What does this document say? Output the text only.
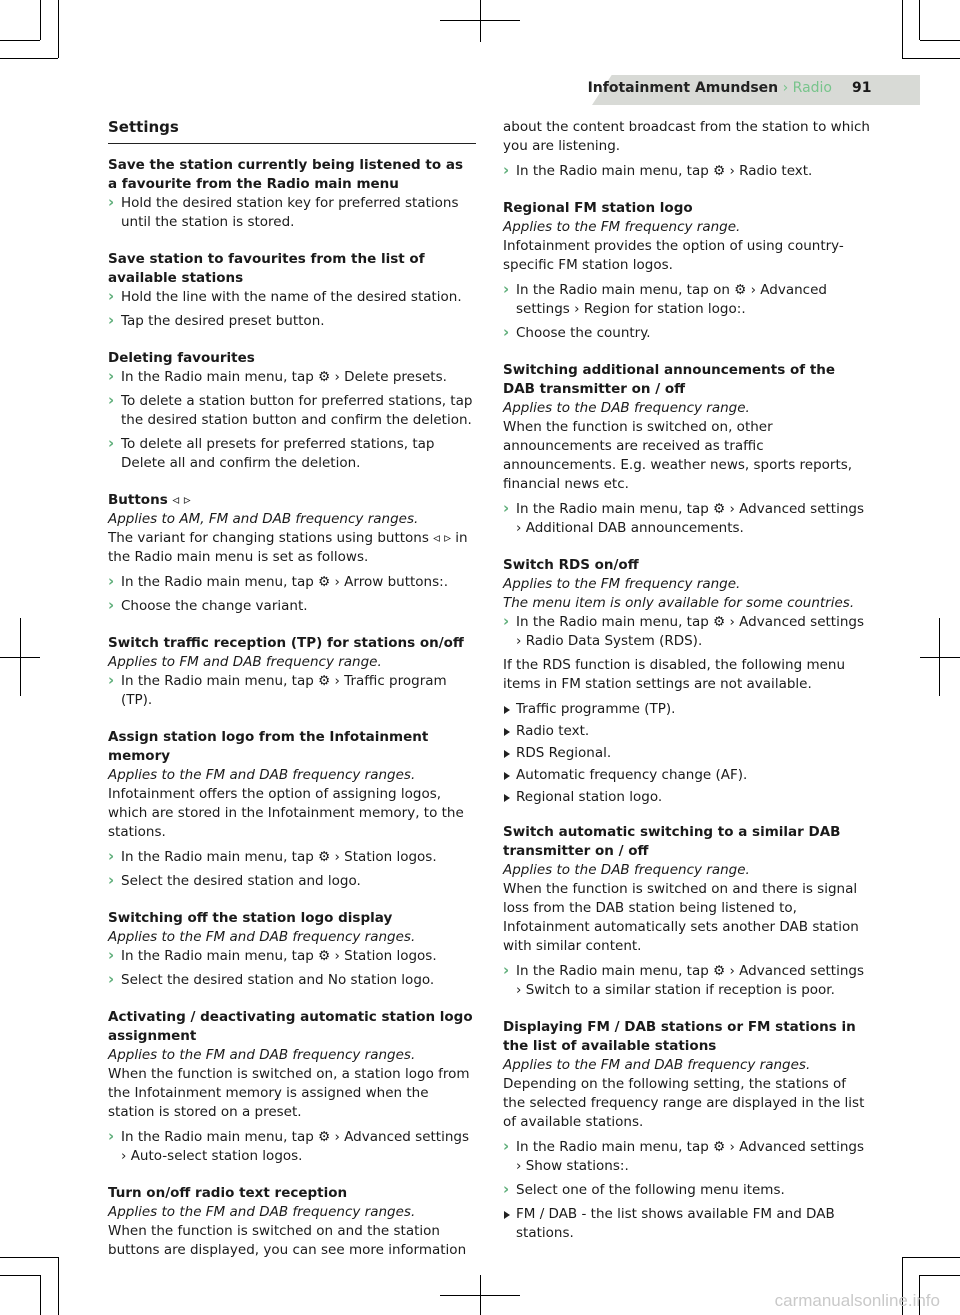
Infotainment Amundsen › Radio 91
Settings
Save the station currently being listened to as a favourite from the Radio main menu
› Hold the desired station key for preferred stations until the station is stored.
Save station to favourites from the list of available stations
› Hold the line with the name of the desired station.
› Tap the desired preset button.
Deleting favourites
› In the Radio main menu, tap ⚙ › Delete presets.
› To delete a station button for preferred stations, tap the desired station button and confirm the deletion.
› To delete all presets for preferred stations, tap Delete all and confirm the deletion.
Buttons ◃ ▹
Applies to AM, FM and DAB frequency ranges.
The variant for changing stations using buttons ◃ ▹ in the Radio main menu is set as follows.
› In the Radio main menu, tap ⚙ › Arrow buttons:.
› Choose the change variant.
Switch traffic reception (TP) for stations on/off
Applies to FM and DAB frequency range.
› In the Radio main menu, tap ⚙ › Traffic program (TP).
Assign station logo from the Infotainment memory
Applies to the FM and DAB frequency ranges.
Infotainment offers the option of assigning logos, which are stored in the Infotainment memory, to the stations.
› In the Radio main menu, tap ⚙ › Station logos.
› Select the desired station and logo.
Switching off the station logo display
Applies to the FM and DAB frequency ranges.
› In the Radio main menu, tap ⚙ › Station logos.
› Select the desired station and No station logo.
Activating / deactivating automatic station logo assignment
Applies to the FM and DAB frequency ranges.
When the function is switched on, a station logo from the Infotainment memory is assigned when the station is stored on a preset.
› In the Radio main menu, tap ⚙ › Advanced settings › Auto-select station logos.
Turn on/off radio text reception
Applies to the FM and DAB frequency ranges.
When the function is switched on and the station buttons are displayed, you can see more information
about the content broadcast from the station to which you are listening.
› In the Radio main menu, tap ⚙ › Radio text.
Regional FM station logo
Applies to the FM frequency range.
Infotainment provides the option of using country-specific FM station logos.
› In the Radio main menu, tap on ⚙ › Advanced settings › Region for station logo:.
› Choose the country.
Switching additional announcements of the DAB transmitter on / off
Applies to the DAB frequency range.
When the function is switched on, other announcements are received as traffic announcements. E.g. weather news, sports reports, financial news etc.
› In the Radio main menu, tap ⚙ › Advanced settings › Additional DAB announcements.
Switch RDS on/off
Applies to the FM frequency range.
The menu item is only available for some countries.
› In the Radio main menu, tap ⚙ › Advanced settings › Radio Data System (RDS).
If the RDS function is disabled, the following menu items in FM station settings are not available.
Traffic programme (TP).
Radio text.
RDS Regional.
Automatic frequency change (AF).
Regional station logo.
Switch automatic switching to a similar DAB transmitter on / off
Applies to the DAB frequency range.
When the function is switched on and there is signal loss from the DAB station being listened to, Infotainment automatically sets another DAB station with similar content.
› In the Radio main menu, tap ⚙ › Advanced settings › Switch to a similar station if reception is poor.
Displaying FM / DAB stations or FM stations in the list of available stations
Applies to the FM and DAB frequency ranges.
Depending on the following setting, the stations of the selected frequency range are displayed in the list of available stations.
› In the Radio main menu, tap ⚙ › Advanced settings › Show stations:.
› Select one of the following menu items.
FM / DAB - the list shows available FM and DAB stations.
carmanualsonline.info
